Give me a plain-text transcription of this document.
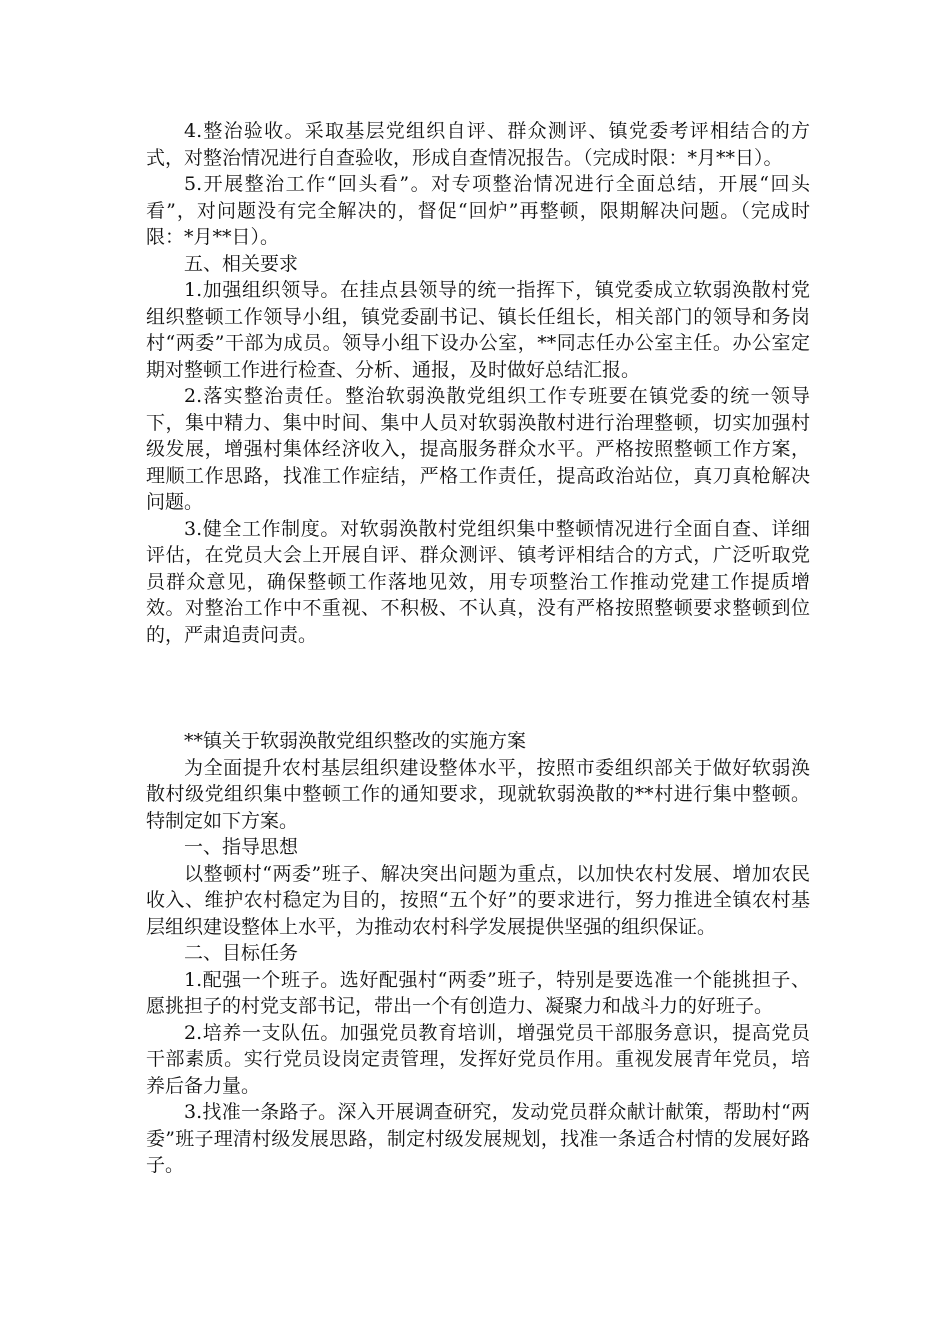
4.整治验收。采取基层党组织自评、群众测评、镇党委考评相结合的方式，对整治情况进行自查验收，形成自查情况报告。（完成时限：*月**日）。

5.开展整治工作“回头看”。对专项整治情况进行全面总结，开展“回头看”，对问题没有完全解决的，督促“回炉”再整顿，限期解决问题。（完成时限：*月**日）。

五、相关要求

1.加强组织领导。在挂点县领导的统一指挥下，镇党委成立软弱涣散村党组织整顿工作领导小组，镇党委副书记、镇长任组长，相关部门的领导和务岗村“两委”干部为成员。领导小组下设办公室，**同志任办公室主任。办公室定期对整顿工作进行检查、分析、通报，及时做好总结汇报。

2.落实整治责任。整治软弱涣散党组织工作专班要在镇党委的统一领导下，集中精力、集中时间、集中人员对软弱涣散村进行治理整顿，切实加强村级发展，增强村集体经济收入，提高服务群众水平。严格按照整顿工作方案，理顺工作思路，找准工作症结，严格工作责任，提高政治站位，真刀真枪解决问题。

3.健全工作制度。对软弱涣散村党组织集中整顿情况进行全面自查、详细评估，在党员大会上开展自评、群众测评、镇考评相结合的方式，广泛听取党员群众意见，确保整顿工作落地见效，用专项整治工作推动党建工作提质增效。对整治工作中不重视、不积极、不认真，没有严格按照整顿要求整顿到位的，严肃追责问责。

**镇关于软弱涣散党组织整改的实施方案

为全面提升农村基层组织建设整体水平，按照市委组织部关于做好软弱涣散村级党组织集中整顿工作的通知要求，现就软弱涣散的**村进行集中整顿。特制定如下方案。

一、指导思想

以整顿村“两委”班子、解决突出问题为重点，以加快农村发展、增加农民收入、维护农村稳定为目的，按照“五个好”的要求进行，努力推进全镇农村基层组织建设整体上水平，为推动农村科学发展提供坚强的组织保证。

二、目标任务

1.配强一个班子。选好配强村“两委”班子，特别是要选准一个能挑担子、愿挑担子的村党支部书记，带出一个有创造力、凝聚力和战斗力的好班子。

2.培养一支队伍。加强党员教育培训，增强党员干部服务意识，提高党员干部素质。实行党员设岗定责管理，发挥好党员作用。重视发展青年党员，培养后备力量。

3.找准一条路子。深入开展调查研究，发动党员群众献计献策，帮助村“两委”班子理清村级发展思路，制定村级发展规划，找准一条适合村情的发展好路子。
